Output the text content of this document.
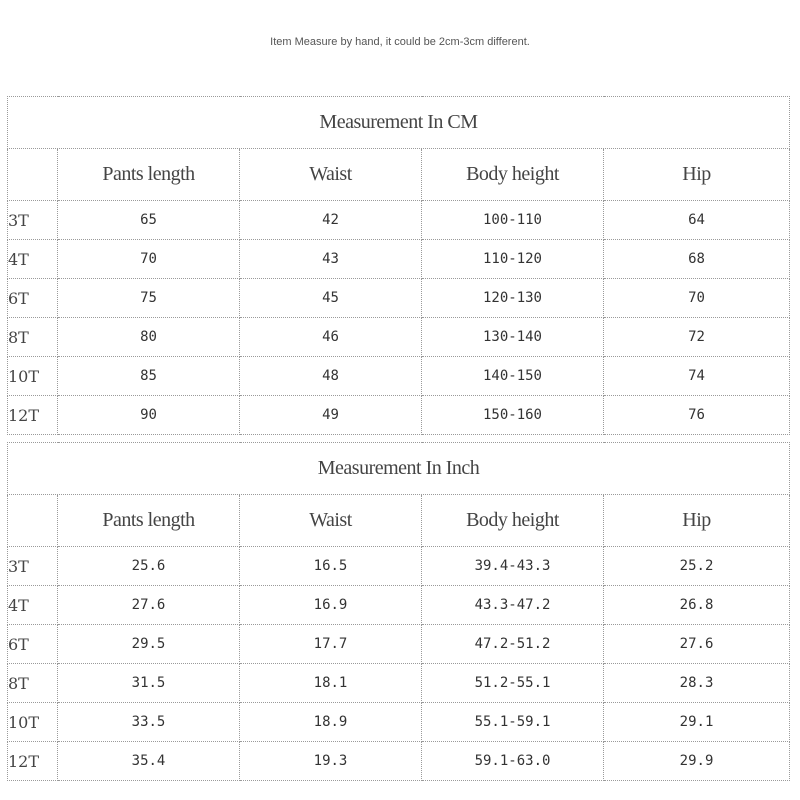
Item Measure by hand, it could be 2cm-3cm different.
Measurement In CM				
	Pants length	Waist	Body height	Hip
3T	65	42	100-110	64
4T	70	43	110-120	68
6T	75	45	120-130	70
8T	80	46	130-140	72
10T	85	48	140-150	74
12T	90	49	150-160	76
Measurement In Inch				
	Pants length	Waist	Body height	Hip
3T	25.6	16.5	39.4-43.3	25.2
4T	27.6	16.9	43.3-47.2	26.8
6T	29.5	17.7	47.2-51.2	27.6
8T	31.5	18.1	51.2-55.1	28.3
10T	33.5	18.9	55.1-59.1	29.1
12T	35.4	19.3	59.1-63.0	29.9
